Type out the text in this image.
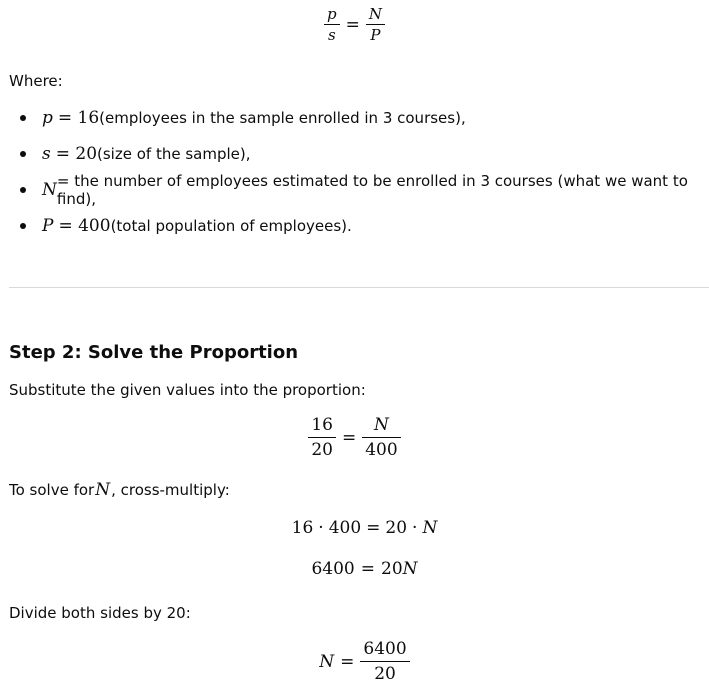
$\frac{p}{s} = \frac{N}{P}$
Where:
p = 16 (employees in the sample enrolled in 3 courses),
s = 20 (size of the sample),
N = the number of employees estimated to be enrolled in 3 courses (what we want to find),
P = 400 (total population of employees).
Step 2: Solve the Proportion
Substitute the given values into the proportion:
$\frac{16}{20} = \frac{N}{400}$
To solve for N , cross-multiply:
16 · 400 = 20 · N
6400 = 20N
Divide both sides by 20:
$N = \frac{6400}{20}$
